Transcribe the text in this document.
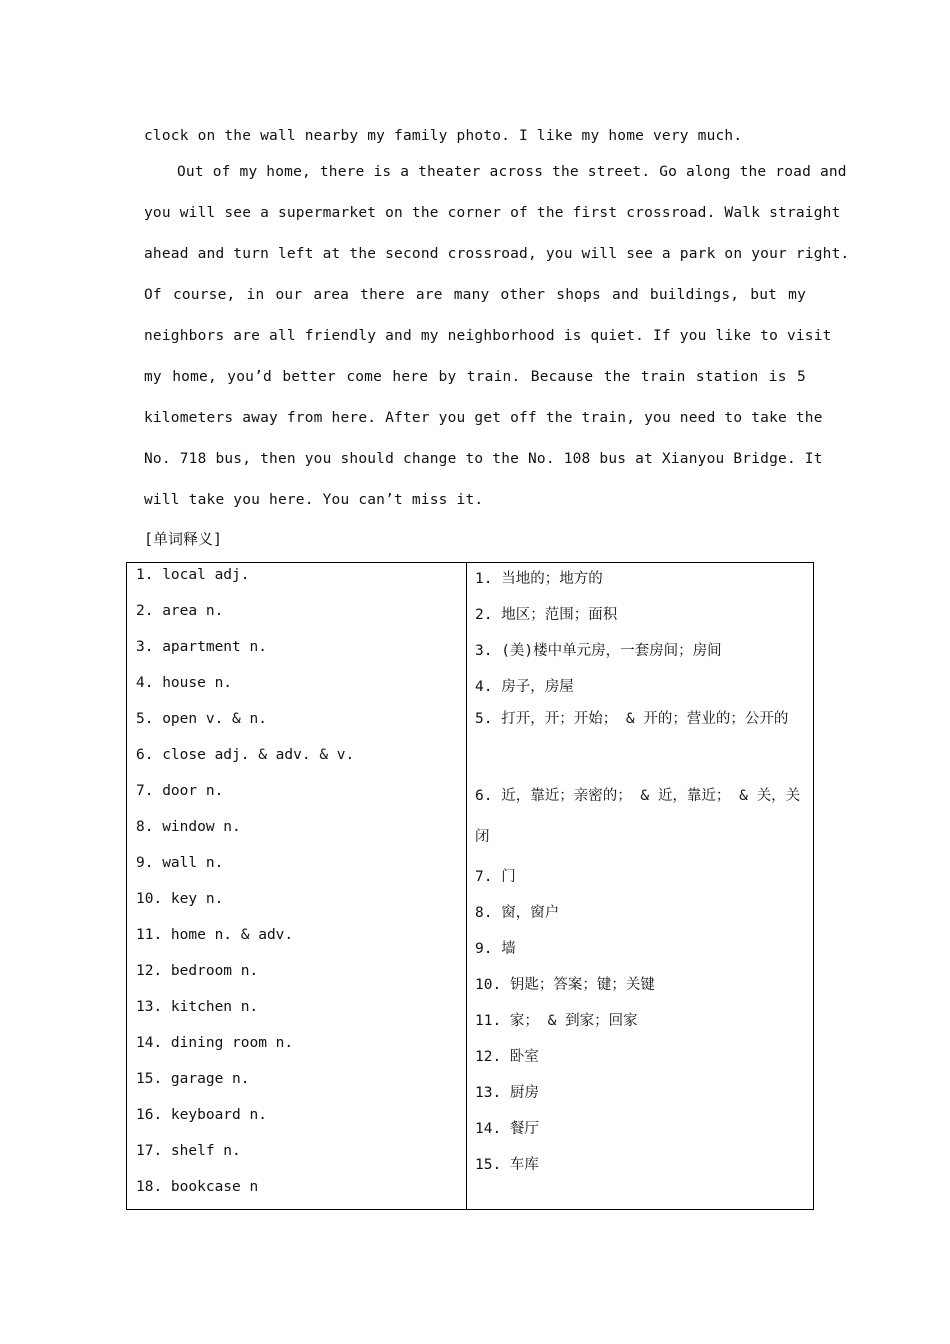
clock on the wall nearby my family photo. I like my home very much.
Out of my home, there is a theater across the street. Go along the road and
you will see a supermarket on the corner of the first crossroad. Walk straight
ahead and turn left at the second crossroad, you will see a park on your right.
Of course, in our area there are many other shops and buildings, but my
neighbors are all friendly and my neighborhood is quiet. If you like to visit
my home, you’d better come here by train. Because the train station is 5
kilometers away from here. After you get off the train, you need to take the
No. 718 bus, then you should change to the No. 108 bus at Xianyou Bridge. It
will take you here. You can’t miss it.
[单词释义]
1. local adj.
2. area n.
3. apartment n.
4. house n.
5. open v. & n.
6. close adj. & adv. & v.
7. door n.
8. window n.
9. wall n.
10. key n.
11. home n. & adv.
12. bedroom n.
13. kitchen n.
14. dining room n.
15. garage n.
16. keyboard n.
17. shelf n.
18. bookcase n
1. 当地的；地方的
2. 地区；范围；面积
3. (美)楼中单元房，一套房间；房间
4. 房子，房屋
5. 打开，开；开始； & 开的；营业的；公开的
6. 近，靠近；亲密的； & 近，靠近； & 关，关闭
7. 门
8. 窗，窗户
9. 墙
10. 钥匙；答案；键；关键
11. 家； & 到家；回家
12. 卧室
13. 厨房
14. 餐厅
15. 车库
